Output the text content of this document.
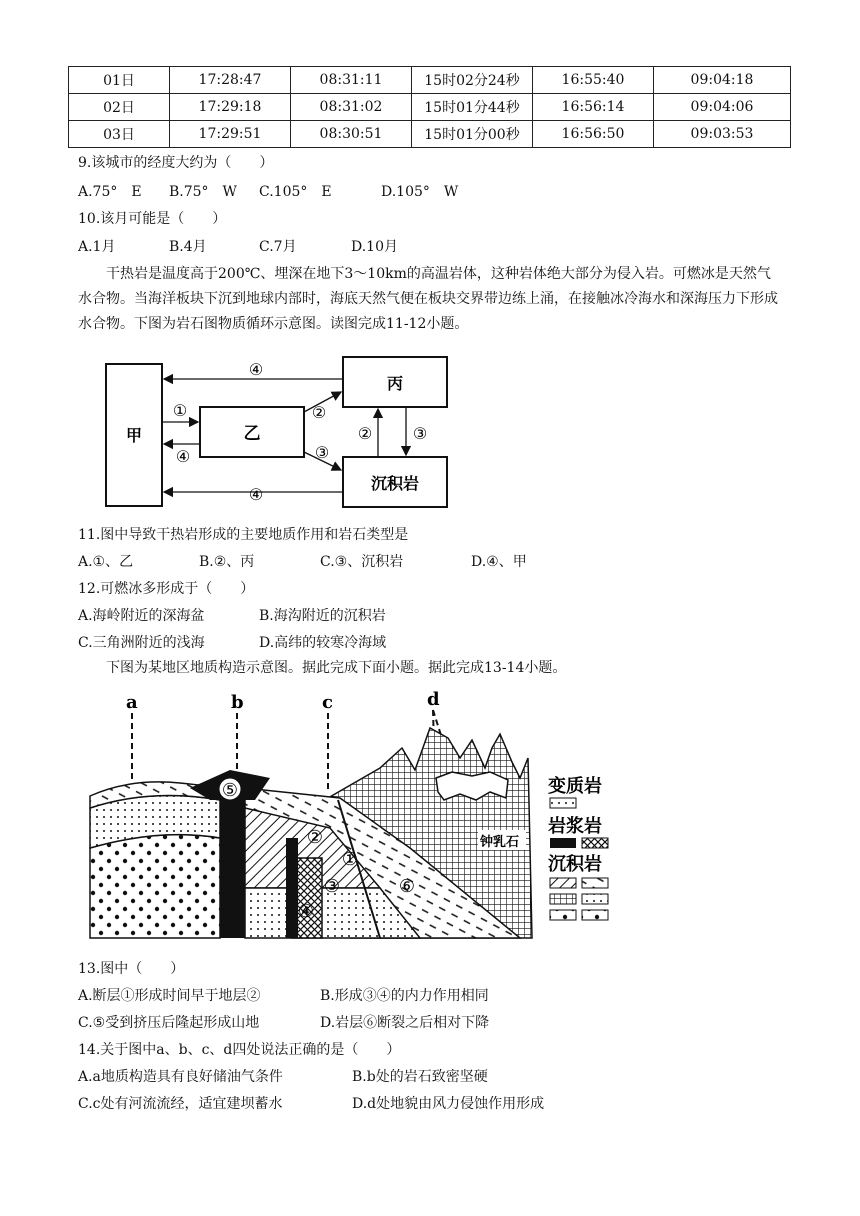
01日	17:28:47	08:31:11	15时02分24秒	16:55:40	09:04:18
02日	17:29:18	08:31:02	15时01分44秒	16:56:14	09:04:06
03日	17:29:51	08:30:51	15时01分00秒	16:56:50	09:03:53
9.该城市的经度大约为（　　）
A.75°　E B.75°　W C.105°　E	D.105°　W
10.该月可能是（　　）
A.1月	B.4月	C.7月	D.10月
干热岩是温度高于200℃、埋深在地下3～10km的高温岩体，这种岩体绝大部分为侵入岩。可燃冰是天然气水合物。当海洋板块下沉到地球内部时，海底天然气便在板块交界带边练上涌，在接触冰冷海水和深海压力下形成水合物。下图为岩石图物质循环示意图。读图完成11-12小题。
甲	乙
丙
沉积岩
④
①
④
②
③
②	③
④
11.图中导致干热岩形成的主要地质作用和岩石类型是
A.①、乙	B.②、丙	C.③、沉积岩	D.④、甲
12.可燃冰多形成于（　　）
A.海岭附近的深海盆	B.海沟附近的沉积岩
C.三角洲附近的浅海	D.高纬的较寒冷海域
下图为某地区地质构造示意图。据此完成下面小题。据此完成13-14小题。
a	b	c	d
钟乳石
⑤
②
①
③
④
⑥
变质岩
岩浆岩
沉积岩
13.图中（　　）
A.断层①形成时间早于地层②	B.形成③④的内力作用相同
C.⑤受到挤压后隆起形成山地	D.岩层⑥断裂之后相对下降
14.关于图中a、b、c、d四处说法正确的是（　　）
A.a地质构造具有良好储油气条件	B.b处的岩石致密坚硬
C.c处有河流流经，适宜建坝蓄水	D.d处地貌由风力侵蚀作用形成
